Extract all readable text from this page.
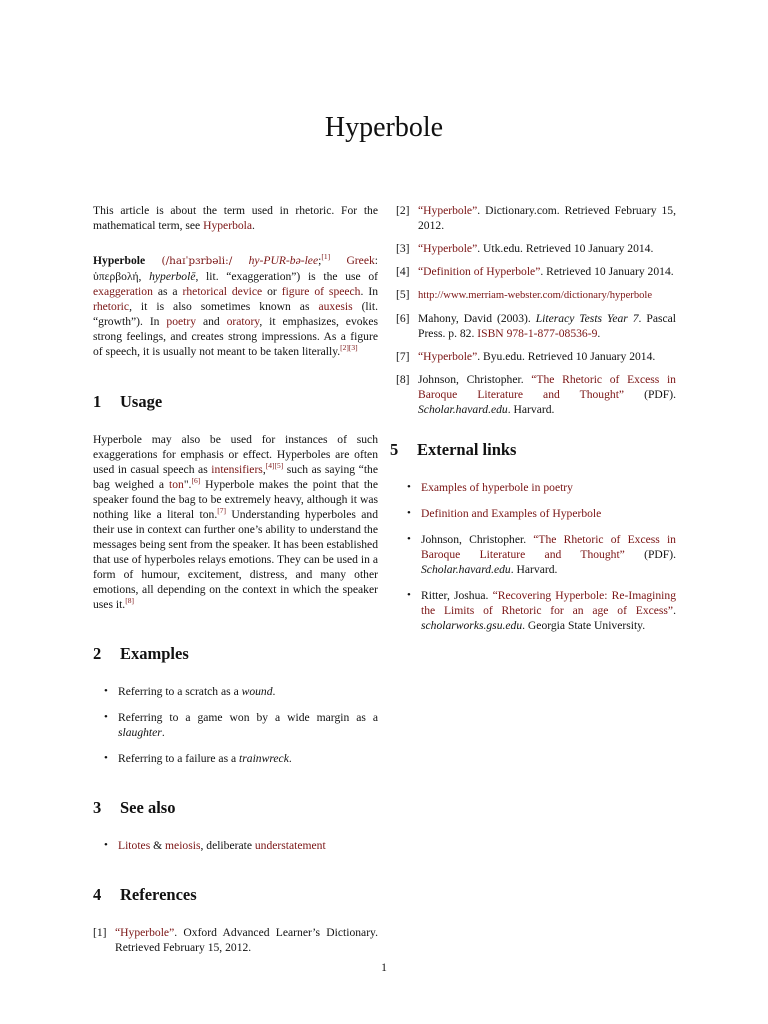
Hyperbole

This article is about the term used in rhetoric. For the mathematical term, see Hyperbola.

Hyperbole (/haɪˈpɜrbəli:/ hy-PUR-bə-lee;[1] Greek: ὑπερβολή, hyperbolē, lit. “exaggeration”) is the use of exaggeration as a rhetorical device or figure of speech. In rhetoric, it is also sometimes known as auxesis (lit. “growth”). In poetry and oratory, it emphasizes, evokes strong feelings, and creates strong impressions. As a figure of speech, it is usually not meant to be taken literally.[2][3]

1	Usage

Hyperbole may also be used for instances of such exaggerations for emphasis or effect. Hyperboles are often used in casual speech as intensifiers,[4][5] such as saying “the bag weighed a ton".[6] Hyperbole makes the point that the speaker found the bag to be extremely heavy, although it was nothing like a literal ton.[7] Understanding hyperboles and their use in context can further one’s ability to understand the messages being sent from the speaker. It has been established that use of hyperboles relays emotions. They can be used in a form of humour, excitement, distress, and many other emotions, all depending on the context in which the speaker uses it.[8]

2	Examples
• Referring to a scratch as a wound.
• Referring to a game won by a wide margin as a slaughter.
• Referring to a failure as a trainwreck.
3	See also
• Litotes & meiosis, deliberate understatement
4	References
[1] “Hyperbole”. Oxford Advanced Learner’s Dictionary. Retrieved February 15, 2012.
[2] “Hyperbole”. Dictionary.com. Retrieved February 15, 2012.
[3] “Hyperbole”. Utk.edu. Retrieved 10 January 2014.
[4] “Definition of Hyperbole”. Retrieved 10 January 2014.
[5] http://www.merriam-webster.com/dictionary/hyperbole
[6] Mahony, David (2003). Literacy Tests Year 7. Pascal Press. p. 82. ISBN 978-1-877-08536-9.
[7] “Hyperbole”. Byu.edu. Retrieved 10 January 2014.
[8] Johnson, Christopher. “The Rhetoric of Excess in Baroque Literature and Thought” (PDF). Scholar.havard.edu. Harvard.
5	External links
• Examples of hyperbole in poetry
• Definition and Examples of Hyperbole
• Johnson, Christopher. “The Rhetoric of Excess in Baroque Literature and Thought” (PDF). Scholar.havard.edu. Harvard.
• Ritter, Joshua. “Recovering Hyperbole: Re-Imagining the Limits of Rhetoric for an age of Excess”. scholarworks.gsu.edu. Georgia State University.
1
